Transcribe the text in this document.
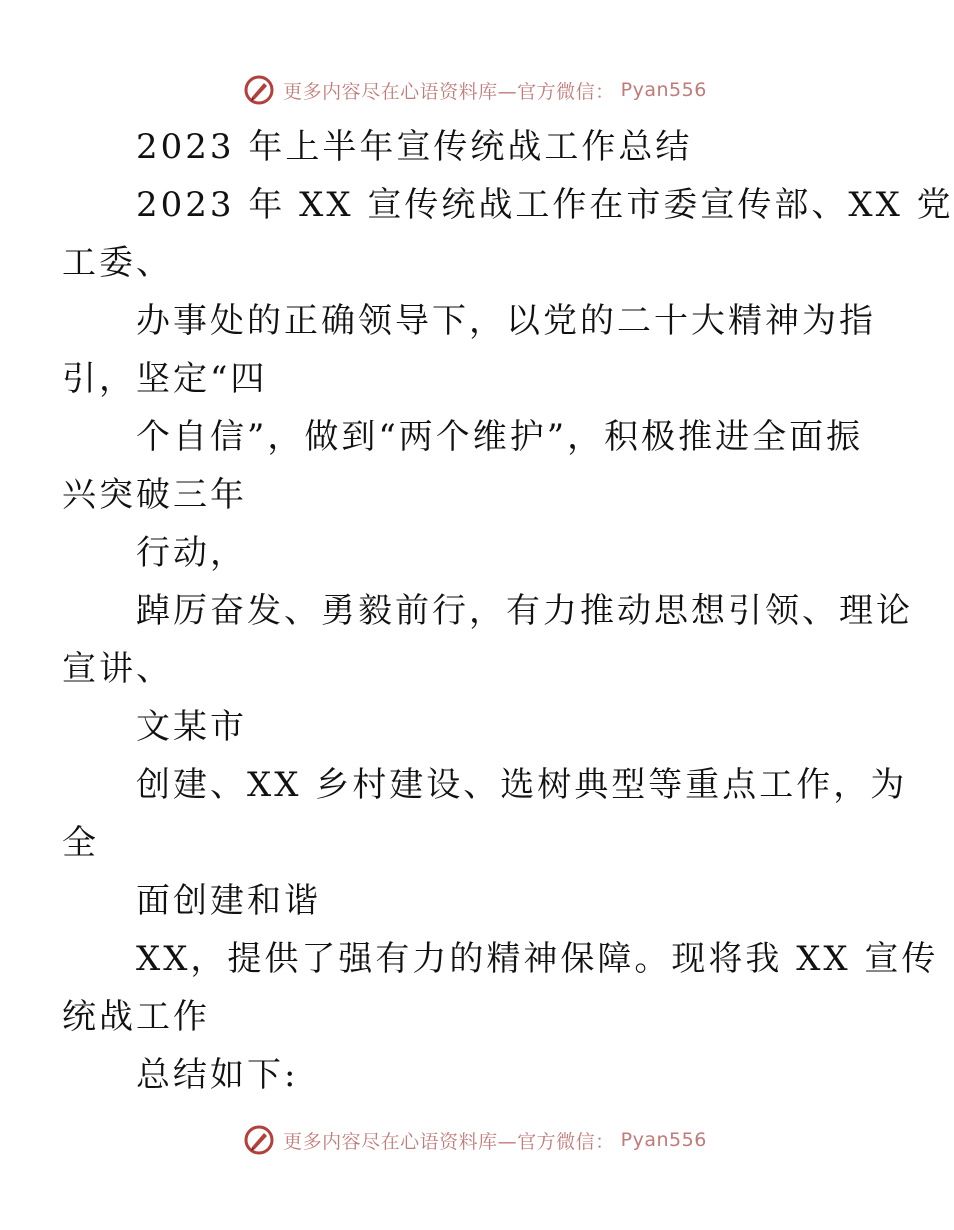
更多内容尽在心语资料库—官方微信： Pyan556

2023 年上半年宣传统战工作总结

2023 年 XX 宣传统战工作在市委宣传部、XX 党
工委、

办事处的正确领导下，以党的二十大精神为指
引，坚定“四

个自信”，做到“两个维护”，积极推进全面振
兴突破三年

行动，

踔厉奋发、勇毅前行，有力推动思想引领、理论
宣讲、

文某市

创建、XX 乡村建设、选树典型等重点工作，为
全

面创建和谐

XX，提供了强有力的精神保障。现将我 XX 宣传
统战工作

总结如下:

更多内容尽在心语资料库—官方微信： Pyan556
